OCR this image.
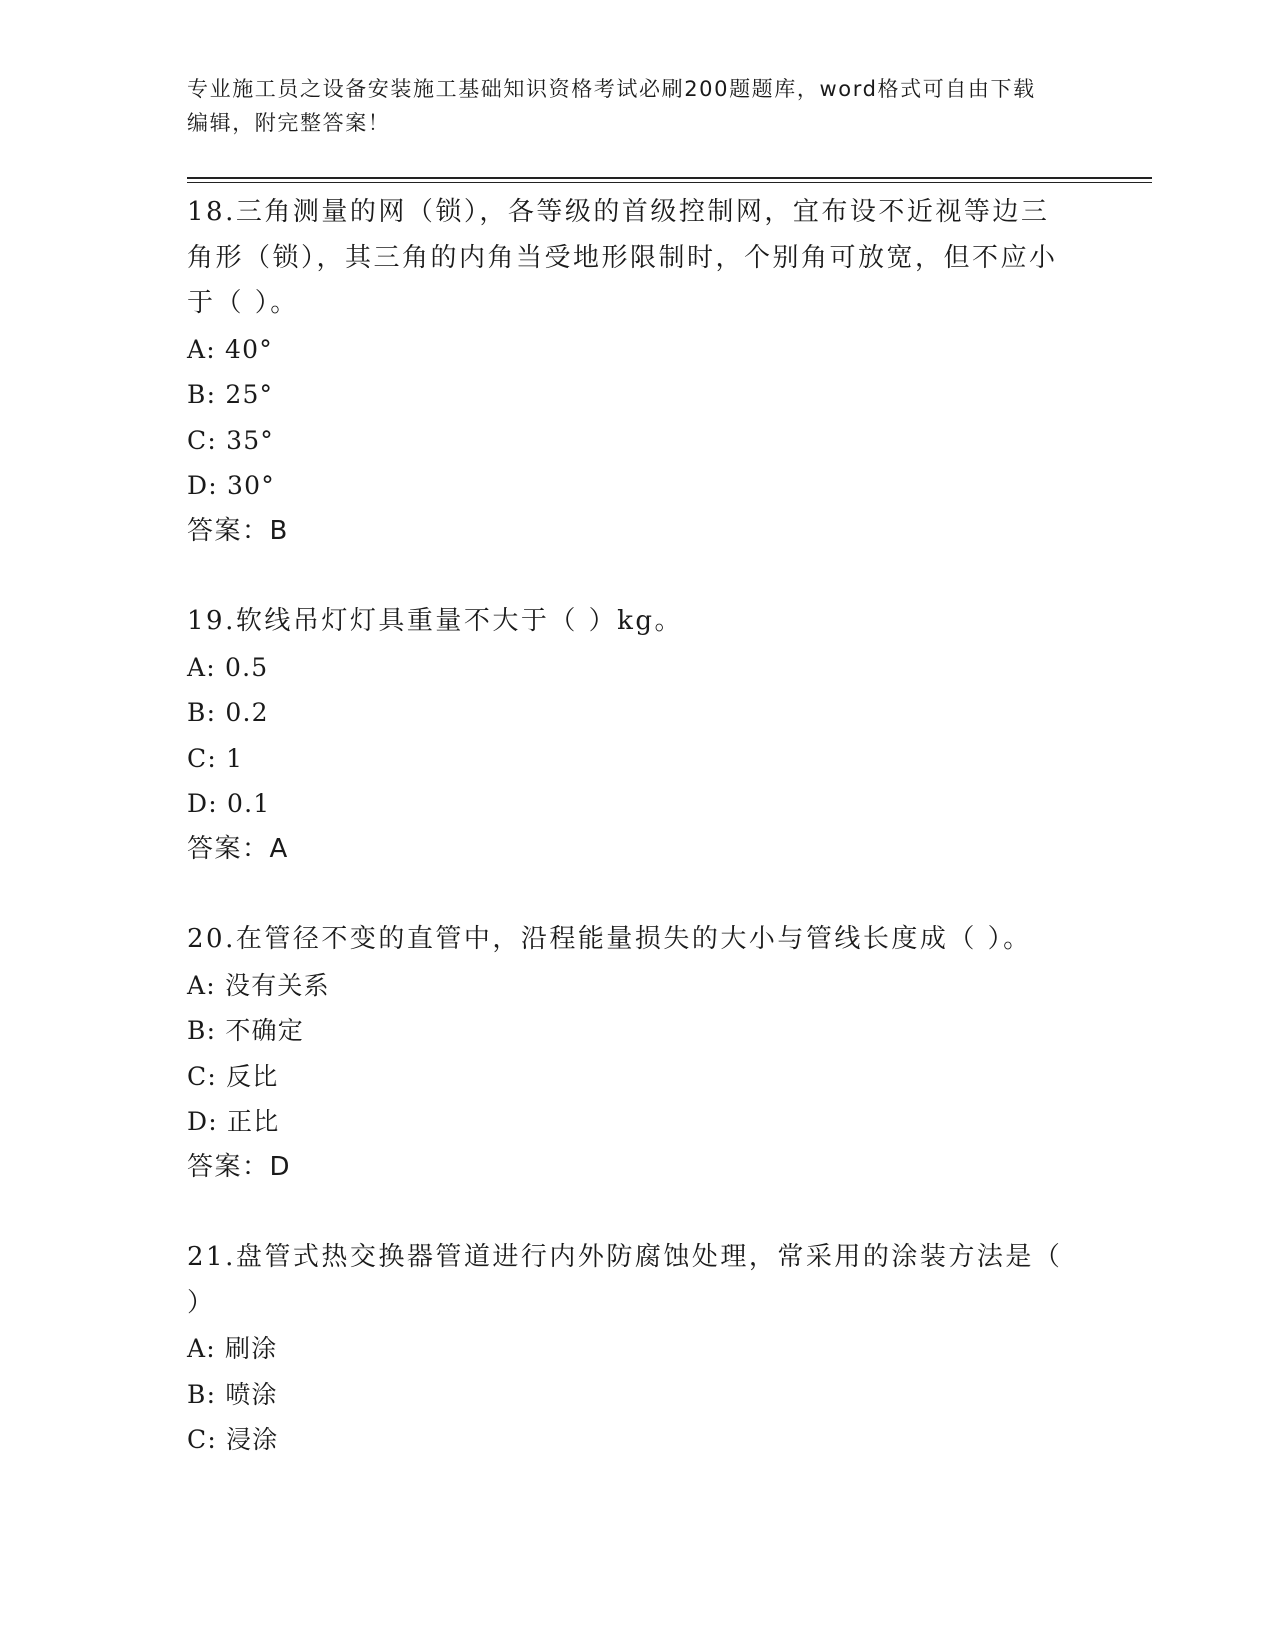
专业施工员之设备安装施工基础知识资格考试必刷200题题库，word格式可自由下载编辑，附完整答案！

18.三角测量的网（锁），各等级的首级控制网，宜布设不近视等边三角形（锁），其三角的内角当受地形限制时，个别角可放宽，但不应小于（ ）。

A: 40°

B: 25°

C: 35°

D: 30°

答案：B

19.软线吊灯灯具重量不大于（ ）kg。

A: 0.5

B: 0.2

C: 1

D: 0.1

答案：A

20.在管径不变的直管中，沿程能量损失的大小与管线长度成（ ）。

A: 没有关系

B: 不确定

C: 反比

D: 正比

答案：D

21.盘管式热交换器管道进行内外防腐蚀处理，常采用的涂装方法是（ ）

A: 刷涂

B: 喷涂

C: 浸涂
